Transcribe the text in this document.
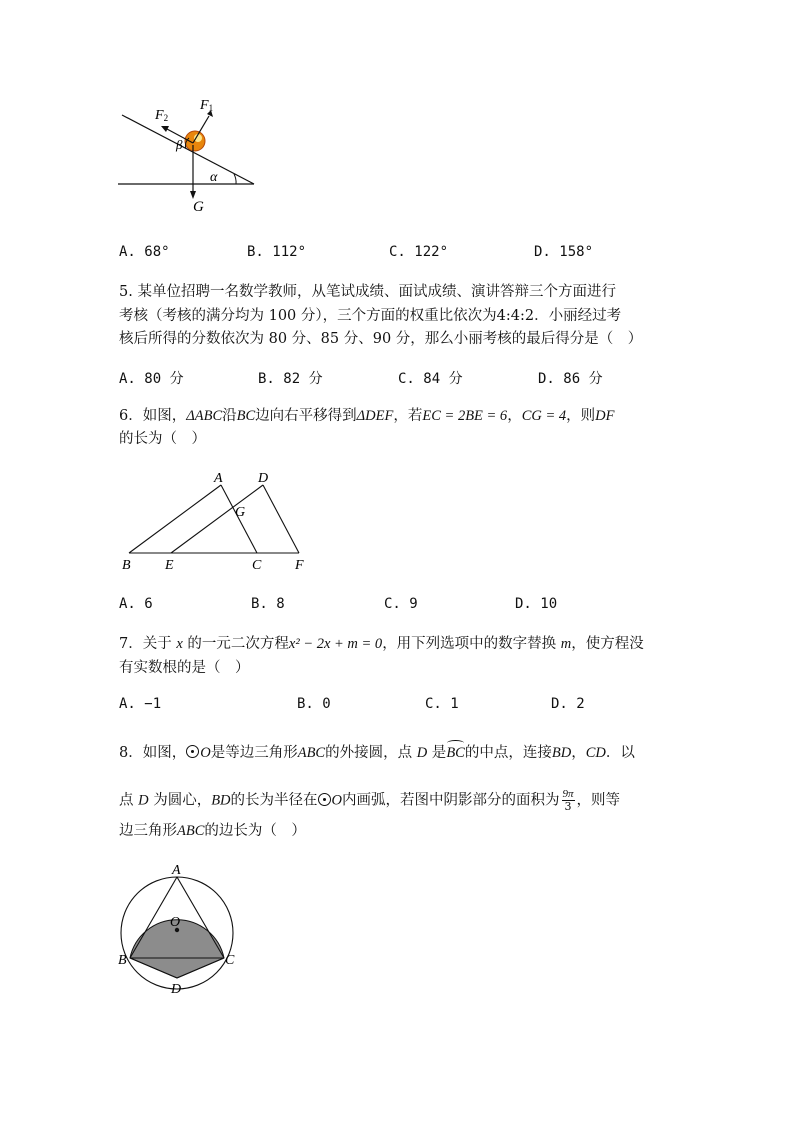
F1
F2
β
α
G
A. 68°	B. 112°	C. 122°	D. 158°
5. 某单位招聘一名数学教师，从笔试成绩、面试成绩、演讲答辩三个方面进行
考核（考核的满分均为 100 分），三个方面的权重比依次为4:4:2．小丽经过考
核后所得的分数依次为 80 分、85 分、90 分，那么小丽考核的最后得分是（　）
A. 80 分	B. 82 分	C. 84 分	D. 86 分
6．如图，ΔABC沿BC边向右平移得到ΔDEF，若EC = 2BE = 6，CG = 4，则DF
的长为（　）
A	D
G
B E	C F
A. 6	B. 8	C. 9	D. 10
7．关于 x 的一元二次方程x² − 2x + m = 0，用下列选项中的数字替换 m，使方程没
有实数根的是（　）
A. −1	B. 0	C. 1	D. 2
8．如图， O是等边三角形ABC的外接圆，点 D 是BC的中点，连接BD，CD．以
点 D 为圆心，BD的长为半径在 O内画弧，若图中阴影部分的面积为 $\frac{9\pi}{3}$ ，则等
边三角形ABC的边长为（　）
A
O
B	C
D
